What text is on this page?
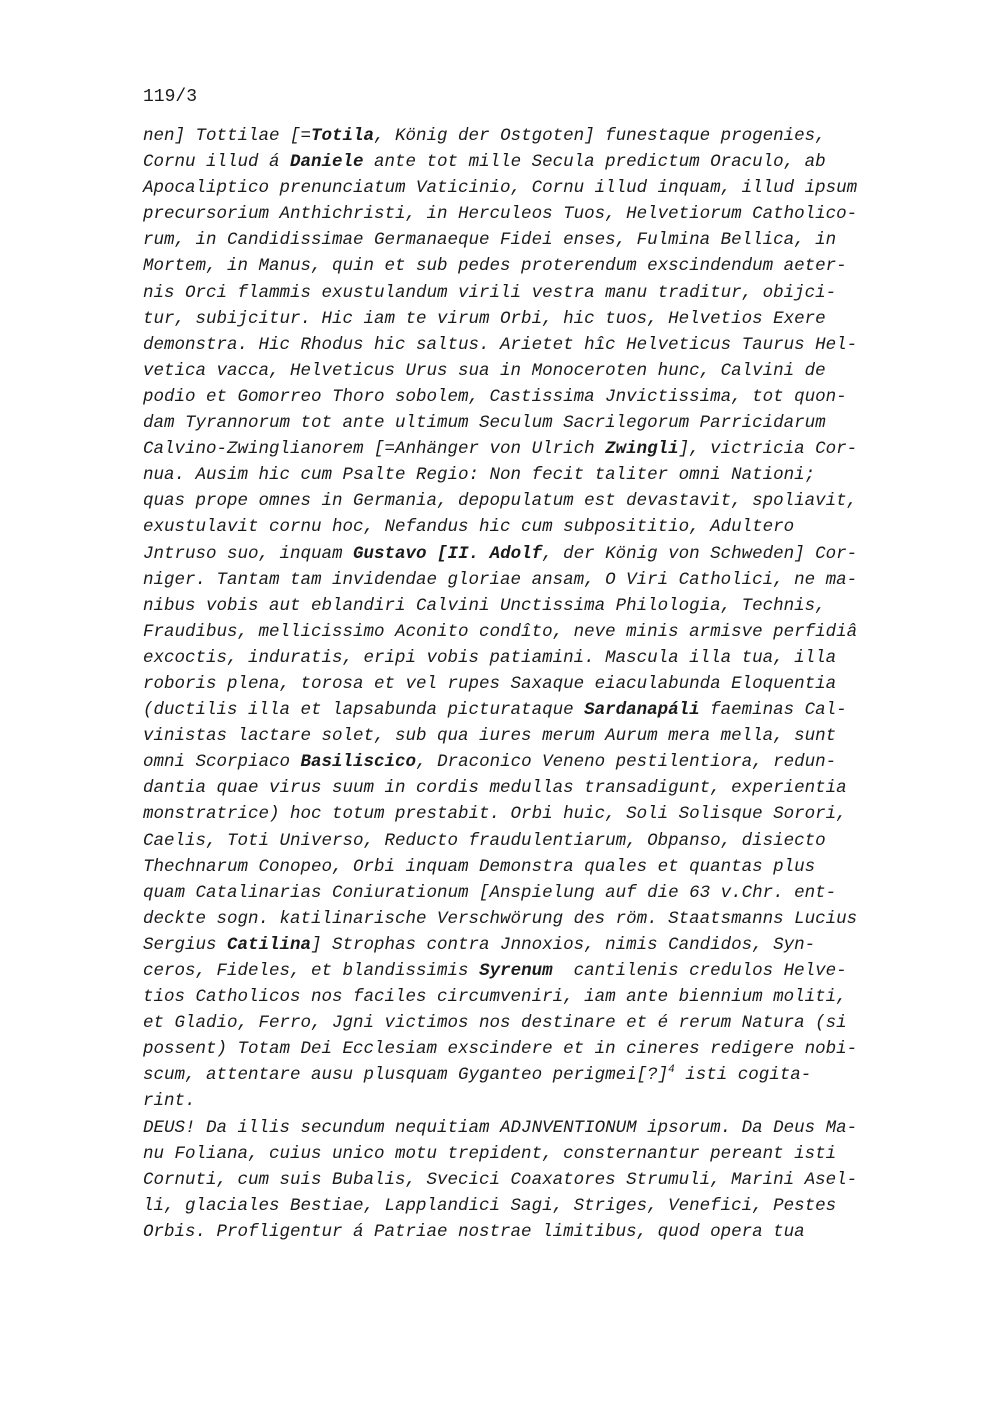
119/3
nen] Tottilae [=Totila, König der Ostgoten] funestaque progenies,
Cornu illud á Daniele ante tot mille Secula predictum Oraculo, ab
Apocaliptico prenunciatum Vaticinio, Cornu illud inquam, illud ipsum
precursorium Anthichristi, in Herculeos Tuos, Helvetiorum Catholico-
rum, in Candidissimae Germanaeque Fidei enses, Fulmina Bellica, in
Mortem, in Manus, quin et sub pedes proterendum exscindendum aeter-
nis Orci flammis exustulandum virili vestra manu traditur, obijci-
tur, subijcitur. Hic iam te virum Orbi, hic tuos, Helvetios Exere
demonstra. Hic Rhodus hic saltus. Arietet hîc Helveticus Taurus Hel-
vetica vacca, Helveticus Urus sua in Monoceroten hunc, Calvini de
podio et Gomorreo Thoro sobolem, Castissima Jnvictissima, tot quon-
dam Tyrannorum tot ante ultimum Seculum Sacrilegorum Parricidarum
Calvino-Zwinglianorem [=Anhänger von Ulrich Zwingli], victricia Cor-
nua. Ausim hic cum Psalte Regio: Non fecit taliter omni Nationi;
quas prope omnes in Germania, depopulatum est devastavit, spoliavit,
exustulavit cornu hoc, Nefandus hic cum subposititio, Adultero
Jntruso suo, inquam Gustavo [II. Adolf, der König von Schweden] Cor-
niger. Tantam tam invidendae gloriae ansam, O Viri Catholici, ne ma-
nibus vobis aut eblandiri Calvini Unctissima Philologia, Technis,
Fraudibus, mellicissimo Aconito condîto, neve minis armisve perfidiâ
excoctis, induratis, eripi vobis patiamini. Mascula illa tua, illa
roboris plena, torosa et vel rupes Saxaque eiaculabunda Eloquentia
(ductilis illa et lapsabunda picturataque Sardanapáli faeminas Cal-
vinistas lactare solet, sub qua iures merum Aurum mera mella, sunt
omni Scorpiaco Basiliscico, Draconico Veneno pestilentiora, redun-
dantia quae virus suum in cordis medullas transadigunt, experientia
monstratrice) hoc totum prestabit. Orbi huic, Soli Solisque Sorori,
Caelis, Toti Universo, Reducto fraudulentiarum, Obpanso, disiecto
Thechnarum Conopeo, Orbi inquam Demonstra quales et quantas plus
quam Catalinarias Coniurationum [Anspielung auf die 63 v.Chr. ent-
deckte sogn. katilinarische Verschwörung des röm. Staatsmanns Lucius
Sergius Catilina] Strophas contra Jnnoxios, nimis Candidos, Syn-
ceros, Fideles, et blandissimis Syrenum  cantilenis credulos Helve-
tios Catholicos nos faciles circumveniri, iam ante biennium moliti,
et Gladio, Ferro, Jgni victimos nos destinare et é rerum Natura (si
possent) Totam Dei Ecclesiam exscindere et in cineres redigere nobi-
scum, attentare ausu plusquam Gyganteo perigmei[?]$^4$ isti cogita-
rint.
DEUS! Da illis secundum nequitiam ADJNVENTIONUM ipsorum. Da Deus Ma-
nu Foliana, cuius unico motu trepident, consternantur pereant isti
Cornuti, cum suis Bubalis, Svecici Coaxatores Strumuli, Marini Asel-
li, glaciales Bestiae, Lapplandici Sagi, Striges, Venefici, Pestes
Orbis. Profligentur á Patriae nostrae limitibus, quod opera tua
